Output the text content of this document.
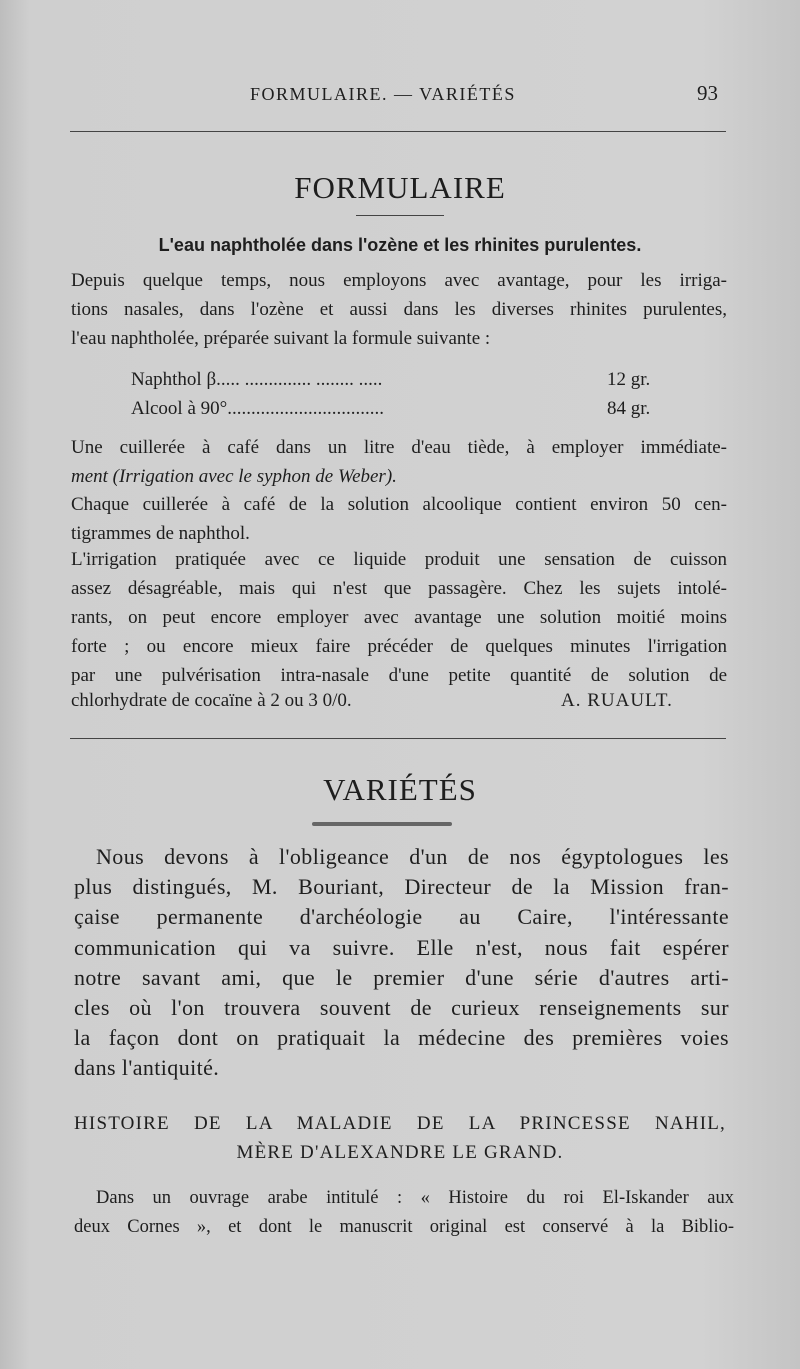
FORMULAIRE. — VARIÉTÉS	93
FORMULAIRE
L'eau naphtholée dans l'ozène et les rhinites purulentes.
Depuis quelque temps, nous employons avec avantage, pour les irriga-
tions nasales, dans l'ozène et aussi dans les diverses rhinites purulentes,
l'eau naphtholée, préparée suivant la formule suivante :
Naphthol β..... .............. ........ .....	12 gr.
Alcool à 90°.................................	84 gr.
Une cuillerée à café dans un litre d'eau tiède, à employer immédiate-
ment (Irrigation avec le syphon de Weber).
Chaque cuillerée à café de la solution alcoolique contient environ 50 cen-
tigrammes de naphthol.
L'irrigation pratiquée avec ce liquide produit une sensation de cuisson
assez désagréable, mais qui n'est que passagère. Chez les sujets intolé-
rants, on peut encore employer avec avantage une solution moitié moins
forte ; ou encore mieux faire précéder de quelques minutes l'irrigation
par une pulvérisation intra-nasale d'une petite quantité de solution de
chlorhydrate de cocaïne à 2 ou 3 0/0.	A. RUAULT.
VARIÉTÉS
Nous devons à l'obligeance d'un de nos égyptologues les
plus distingués, M. Bouriant, Directeur de la Mission fran-
çaise permanente d'archéologie au Caire, l'intéressante
communication qui va suivre. Elle n'est, nous fait espérer
notre savant ami, que le premier d'une série d'autres arti-
cles où l'on trouvera souvent de curieux renseignements sur
la façon dont on pratiquait la médecine des premières voies
dans l'antiquité.
HISTOIRE DE LA MALADIE DE LA PRINCESSE NAHIL,
MÈRE D'ALEXANDRE LE GRAND.
Dans un ouvrage arabe intitulé : « Histoire du roi El-Iskander aux
deux Cornes », et dont le manuscrit original est conservé à la Biblio-
